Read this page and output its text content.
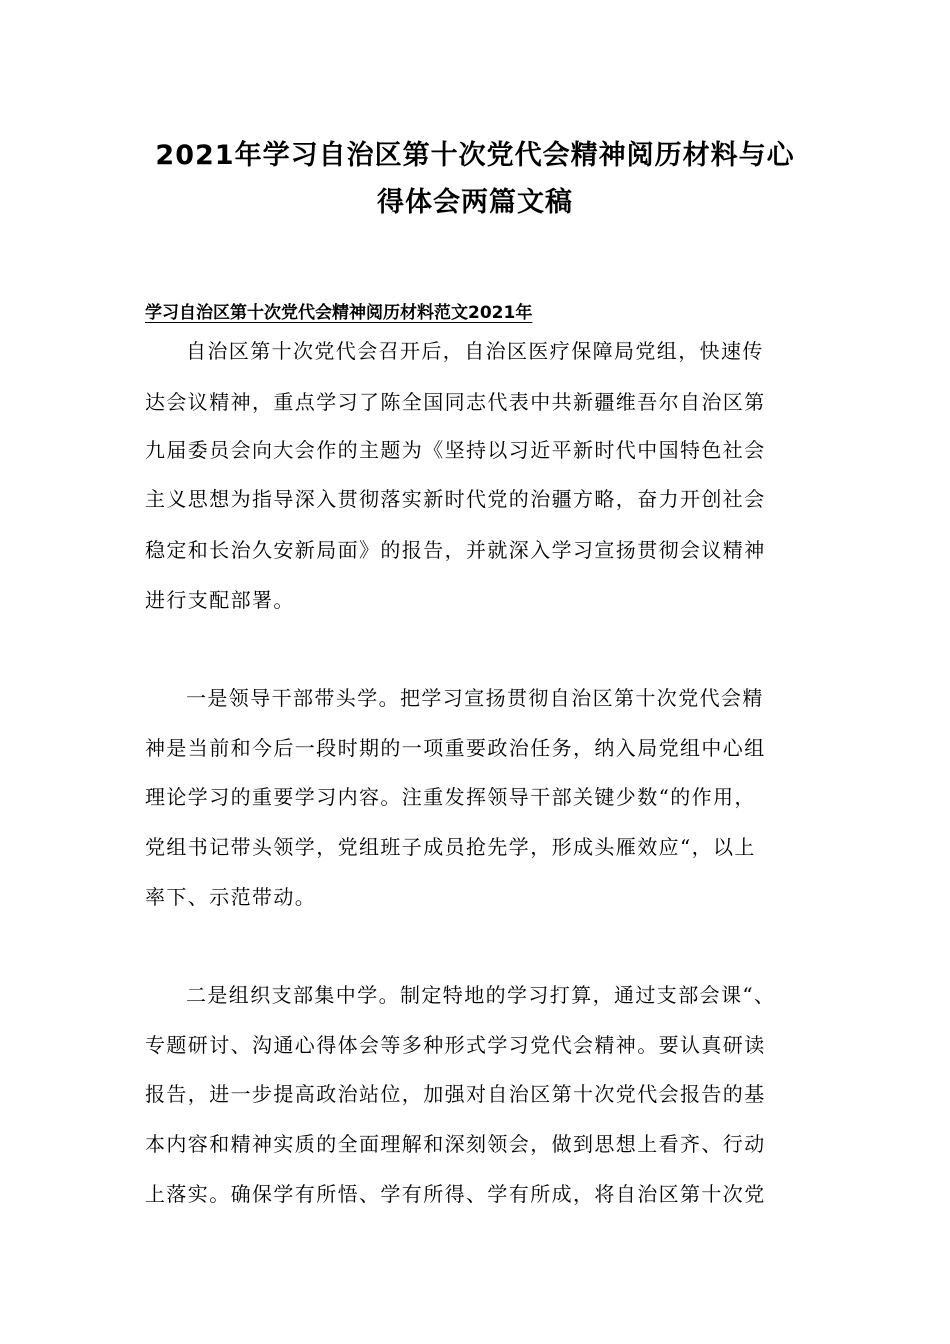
2021年学习自治区第十次党代会精神阅历材料与心
得体会两篇文稿
学习自治区第十次党代会精神阅历材料范文2021年

自治区第十次党代会召开后，自治区医疗保障局党组，快速传

达会议精神，重点学习了陈全国同志代表中共新疆维吾尔自治区第

九届委员会向大会作的主题为《坚持以习近平新时代中国特色社会

主义思想为指导深入贯彻落实新时代党的治疆方略，奋力开创社会

稳定和长治久安新局面》的报告，并就深入学习宣扬贯彻会议精神

进行支配部署。

一是领导干部带头学。把学习宣扬贯彻自治区第十次党代会精

神是当前和今后一段时期的一项重要政治任务，纳入局党组中心组

理论学习的重要学习内容。注重发挥领导干部关键少数“的作用，

党组书记带头领学，党组班子成员抢先学，形成头雁效应“，以上

率下、示范带动。

二是组织支部集中学。制定特地的学习打算，通过支部会课“、

专题研讨、沟通心得体会等多种形式学习党代会精神。要认真研读

报告，进一步提高政治站位，加强对自治区第十次党代会报告的基

本内容和精神实质的全面理解和深刻领会，做到思想上看齐、行动

上落实。确保学有所悟、学有所得、学有所成，将自治区第十次党
